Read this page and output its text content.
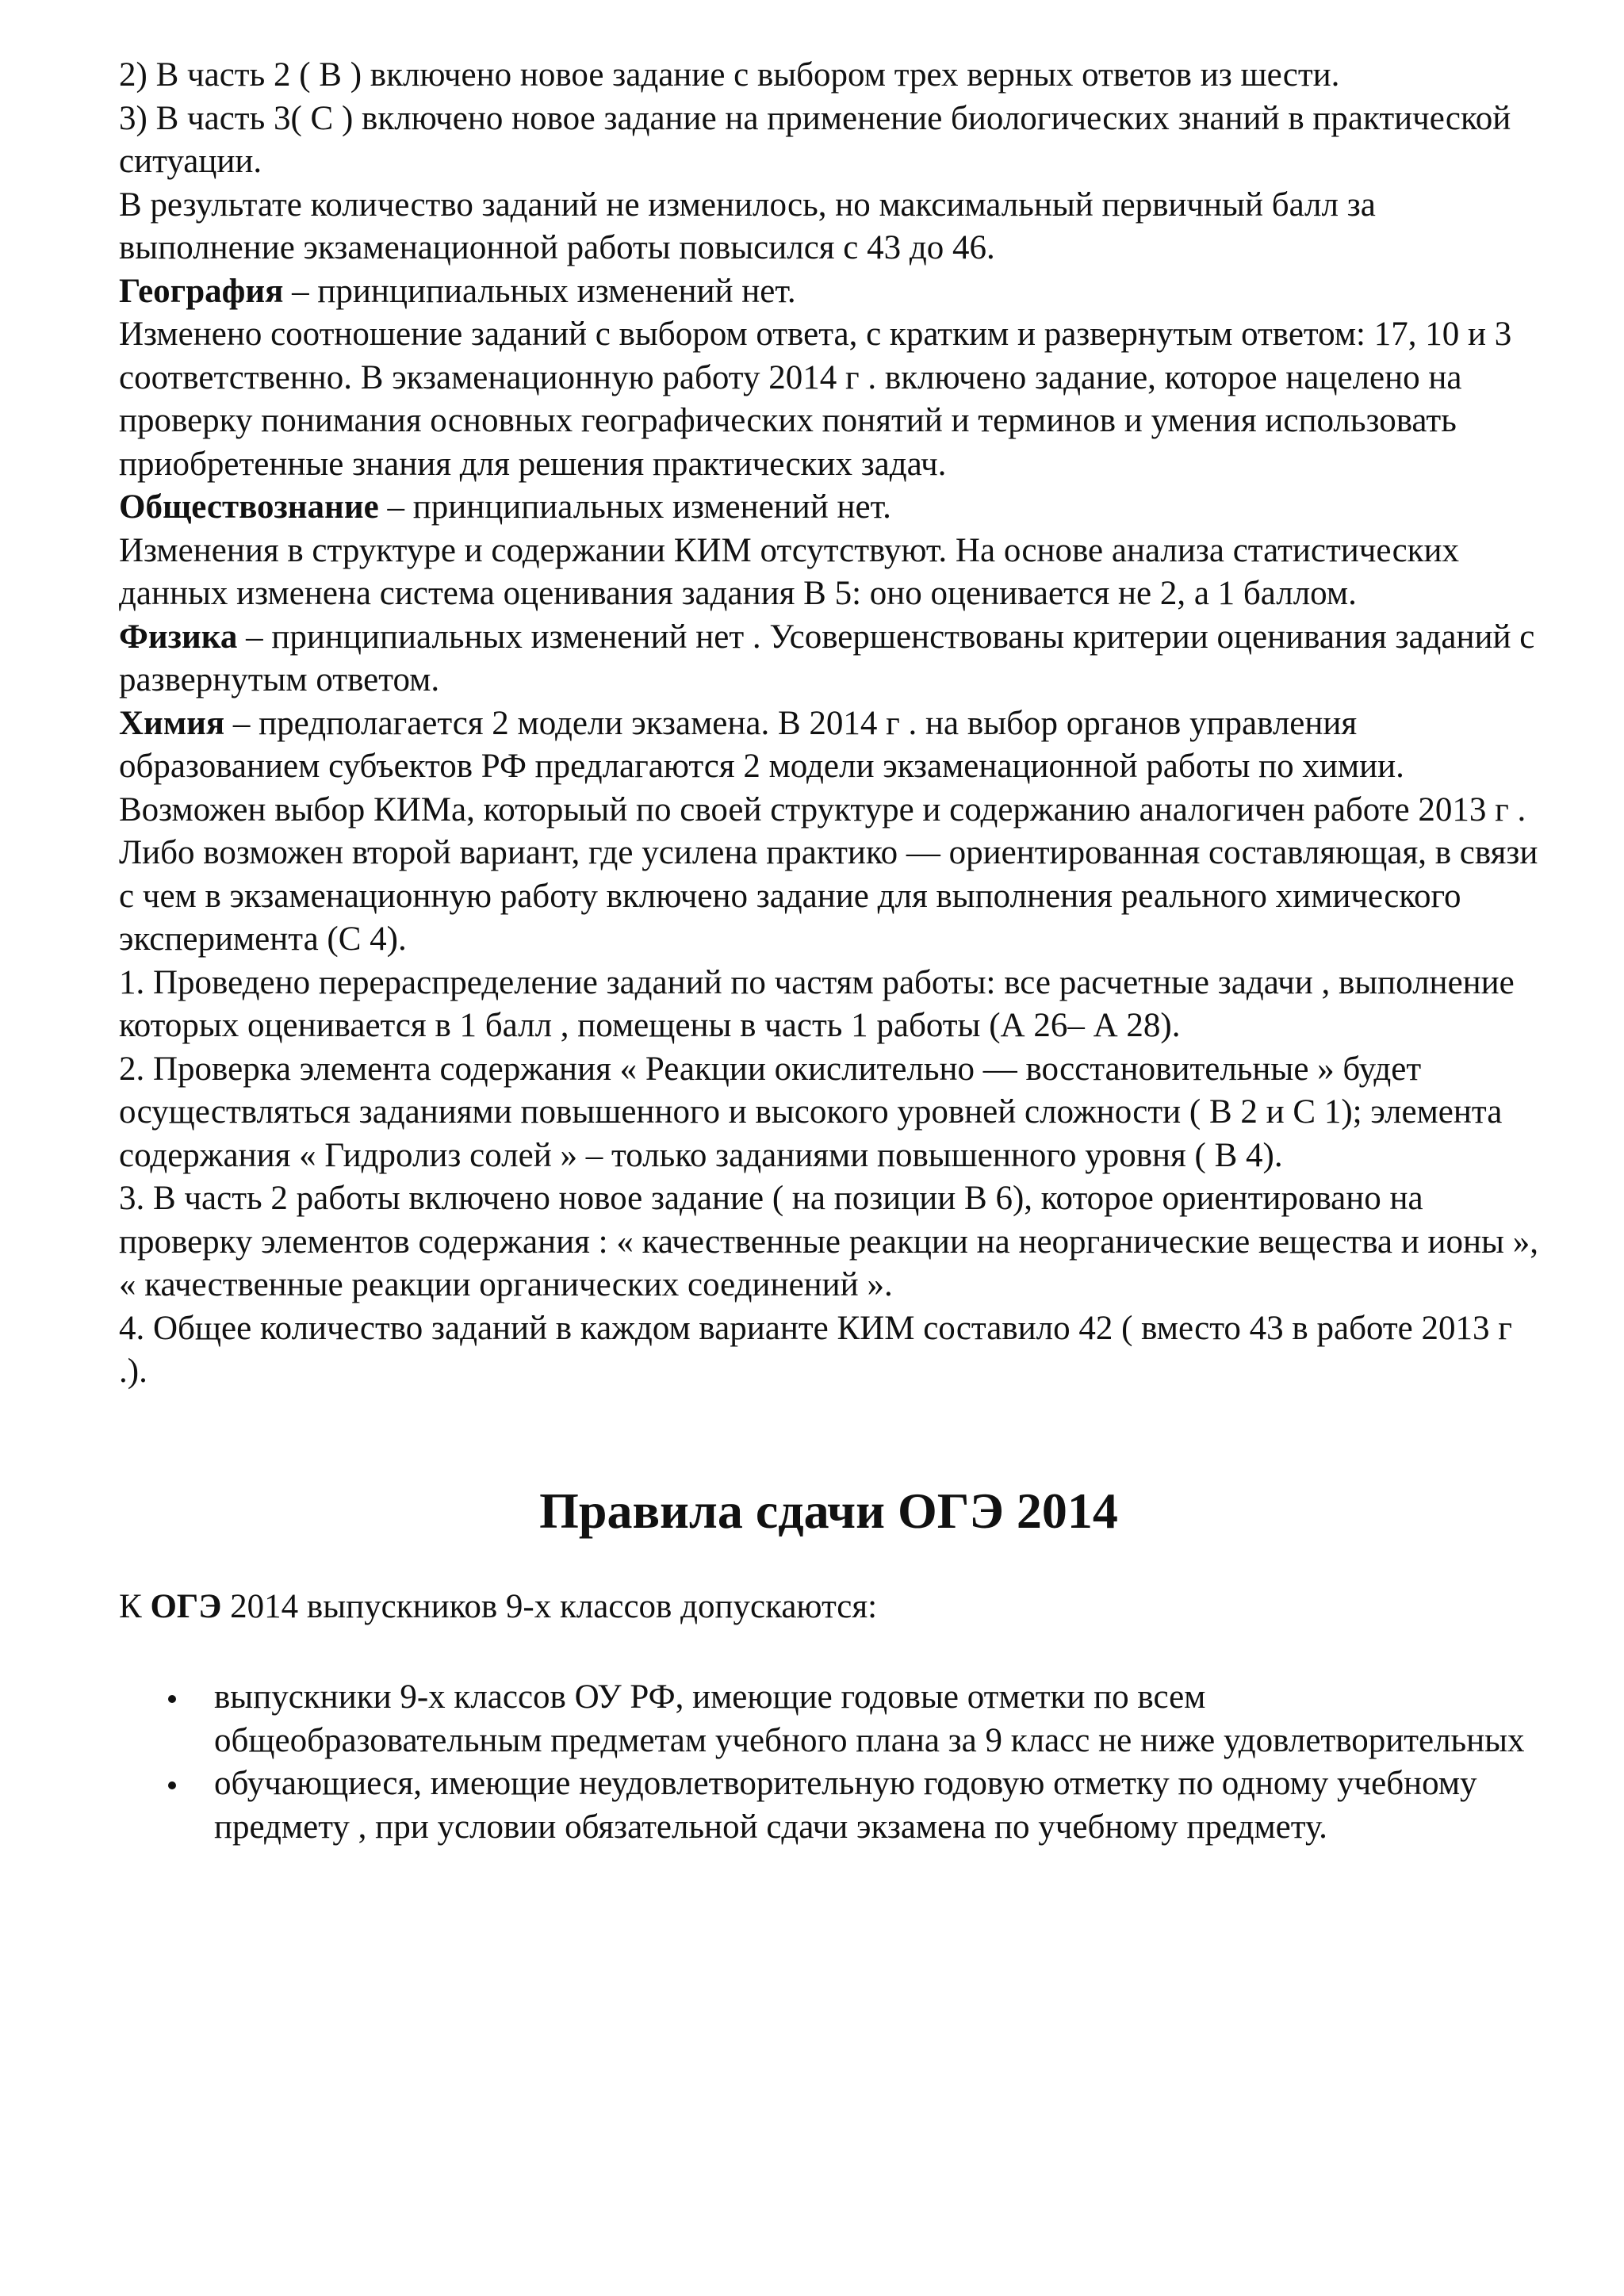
2) В часть 2 ( В ) включено новое задание с выбором трех верных ответов из шести.

3) В часть 3( С ) включено новое задание на применение биологических знаний в практической ситуации.

В результате количество заданий не изменилось, но максимальный первичный балл за выполнение экзаменационной работы повысился с 43 до 46.

География – принципиальных изменений нет.

Изменено соотношение заданий с выбором ответа, с кратким и развернутым ответом: 17, 10 и 3 соответственно. В экзаменационную работу 2014 г . включено задание, которое нацелено на проверку понимания основных географических понятий и терминов и умения использовать приобретенные знания для решения практических задач.

Обществознание – принципиальных изменений нет.

Изменения в структуре и содержании КИМ отсутствуют. На основе анализа статистических данных изменена система оценивания задания В 5: оно оценивается не 2, а 1 баллом.

Физика – принципиальных изменений нет . Усовершенствованы критерии оценивания заданий с развернутым ответом.

Химия – предполагается 2 модели экзамена. В 2014 г . на выбор органов управления образованием субъектов РФ предлагаются 2 модели экзаменационной работы по химии. Возможен выбор КИМа, которыый по своей структуре и содержанию аналогичен работе 2013 г . Либо возможен второй вариант, где усилена практико — ориентированная составляющая, в связи с чем в экзаменационную работу включено задание для выполнения реального химического эксперимента (С 4).

1. Проведено перераспределение заданий по частям работы: все расчетные задачи , выполнение которых оценивается в 1 балл , помещены в часть 1 работы (А 26– А 28).

2. Проверка элемента содержания « Реакции окислительно — восстановительные » будет осуществляться заданиями повышенного и высокого уровней сложности ( В 2 и С 1); элемента содержания « Гидролиз солей » – только заданиями повышенного уровня ( В 4).

3. В часть 2 работы включено новое задание ( на позиции В 6), которое ориентировано на проверку элементов содержания : « качественные реакции на неорганические вещества и ионы », « качественные реакции органических соединений ».

4. Общее количество заданий в каждом варианте КИМ составило 42 ( вместо 43 в работе 2013 г .).

Правила сдачи ОГЭ 2014

К ОГЭ 2014 выпускников 9-х классов допускаются:

выпускники 9-х классов ОУ РФ, имеющие годовые отметки по всем общеобразовательным предметам учебного плана за 9 класс не ниже удовлетворительных
обучающиеся, имеющие неудовлетворительную годовую отметку по одному учебному предмету , при условии обязательной сдачи экзамена по учебному предмету.
